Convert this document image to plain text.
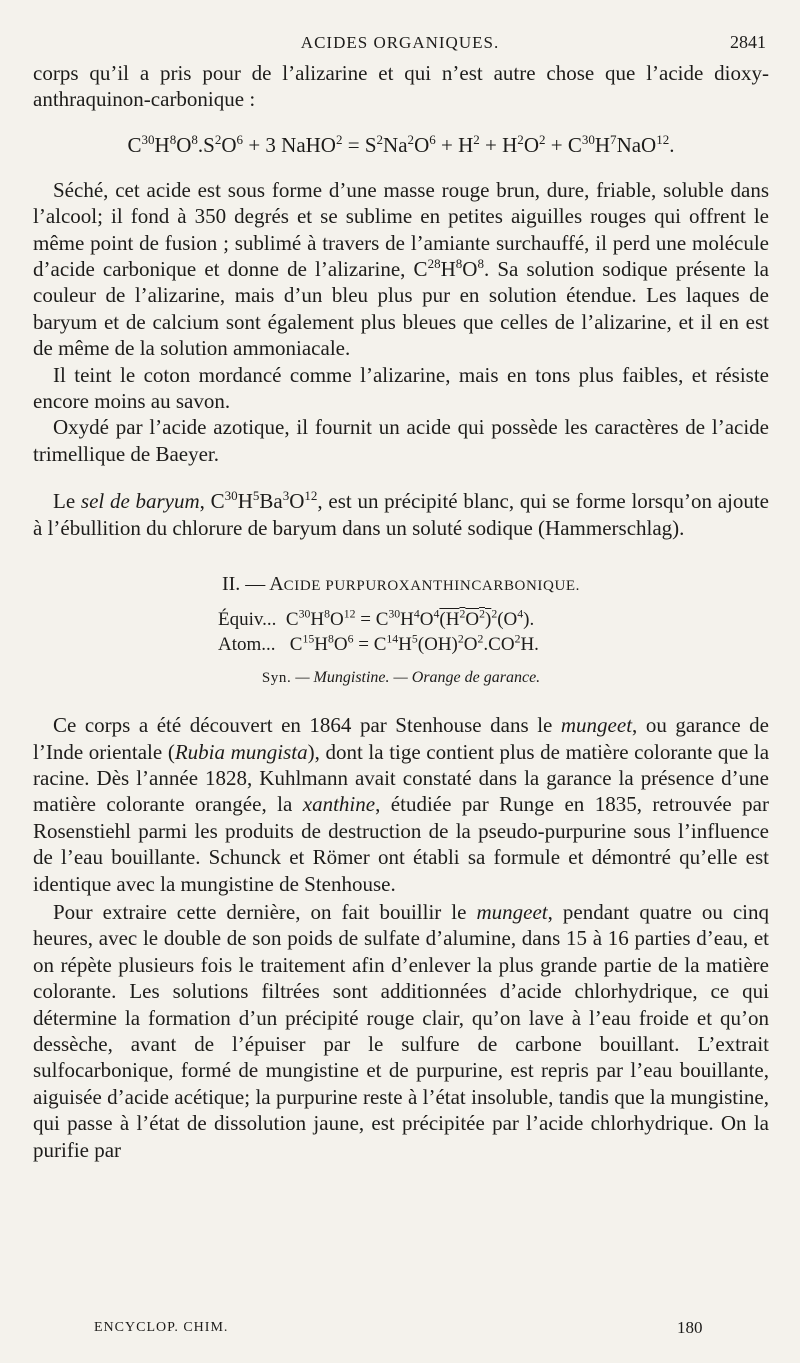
ACIDES ORGANIQUES.	2841

corps qu’il a pris pour de l’alizarine et qui n’est autre chose que l’acide dioxy-anthraquinon-carbonique :

$C^{30}H^8O^8.S^2O^6 + 3$ NaHO$^2$ = $S^2Na^2O^6 + H^2 + H^2O^2 + C^{30}H^7NaO^{12}$.

Séché, cet acide est sous forme d’une masse rouge brun, dure, friable, soluble dans l’alcool; il fond à 350 degrés et se sublime en petites aiguilles rouges qui offrent le même point de fusion ; sublimé à travers de l’amiante surchauffé, il perd une molécule d’acide carbonique et donne de l’alizarine, $C^{28}H^8O^8$. Sa solution sodique présente la couleur de l’alizarine, mais d’un bleu plus pur en solution étendue. Les laques de baryum et de calcium sont également plus bleues que celles de l’alizarine, et il en est de même de la solution ammoniacale.

Il teint le coton mordancé comme l’alizarine, mais en tons plus faibles, et résiste encore moins au savon.

Oxydé par l’acide azotique, il fournit un acide qui possède les caractères de l’acide trimellique de Baeyer.

Le sel de baryum, $C^{30}H^5Ba^3O^{12}$, est un précipité blanc, qui se forme lorsqu’on ajoute à l’ébullition du chlorure de baryum dans un soluté sodique (Hammerschlag).

II. — ACIDE PURPUROXANTHINCARBONIQUE.
Équiv... $C^{30}H^8O^{12} = C^{30}H^4O^4(H^2O^2)^2(O^4)$.
Atom... $C^{15}H^8O^6 = C^{14}H^5(OH)^2O^2.CO^2H$.
Syn. — Mungistine. — Orange de garance.

Ce corps a été découvert en 1864 par Stenhouse dans le mungeet, ou garance de l’Inde orientale (Rubia mungista), dont la tige contient plus de matière colorante que la racine. Dès l’année 1828, Kuhlmann avait constaté dans la garance la présence d’une matière colorante orangée, la xanthine, étudiée par Runge en 1835, retrouvée par Rosenstiehl parmi les produits de destruction de la pseudo-purpurine sous l’influence de l’eau bouillante. Schunck et Römer ont établi sa formule et démontré qu’elle est identique avec la mungistine de Stenhouse.

Pour extraire cette dernière, on fait bouillir le mungeet, pendant quatre ou cinq heures, avec le double de son poids de sulfate d’alumine, dans 15 à 16 parties d’eau, et on répète plusieurs fois le traitement afin d’enlever la plus grande partie de la matière colorante. Les solutions filtrées sont additionnées d’acide chlorhydrique, ce qui détermine la formation d’un précipité rouge clair, qu’on lave à l’eau froide et qu’on dessèche, avant de l’épuiser par le sulfure de carbone bouillant. L’extrait sulfocarbonique, formé de mungistine et de purpurine, est repris par l’eau bouillante, aiguisée d’acide acétique; la purpurine reste à l’état insoluble, tandis que la mungistine, qui passe à l’état de dissolution jaune, est précipitée par l’acide chlorhydrique. On la purifie par

ENCYCLOP. CHIM.	180
